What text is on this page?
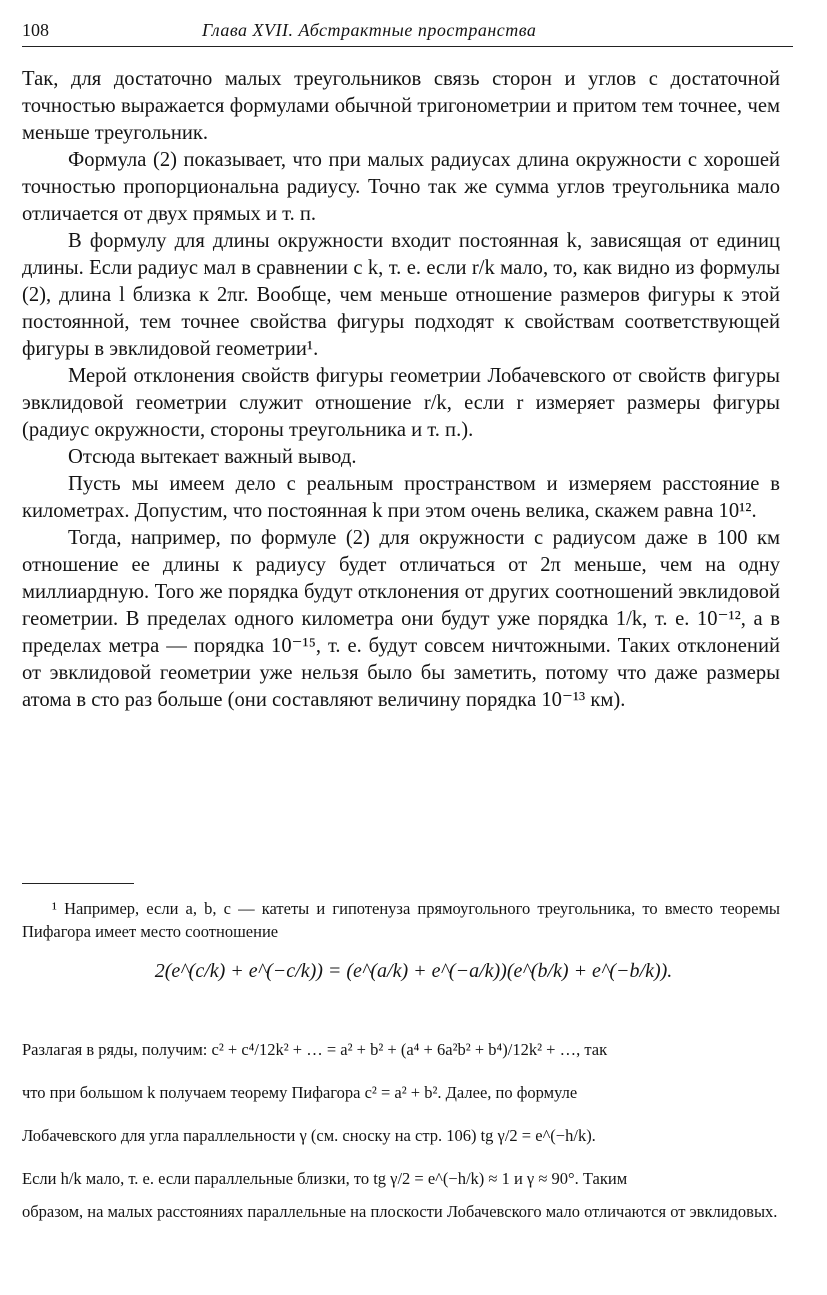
108	Глава XVII. Абстрактные пространства

Так, для достаточно малых треугольников связь сторон и углов с достаточной точностью выражается формулами обычной тригонометрии и притом тем точнее, чем меньше треугольник.

Формула (2) показывает, что при малых радиусах длина окружности с хорошей точностью пропорциональна радиусу. Точно так же сумма углов треугольника мало отличается от двух прямых и т. п.

В формулу для длины окружности входит постоянная k, зависящая от единиц длины. Если радиус мал в сравнении с k, т. е. если r/k мало, то, как видно из формулы (2), длина l близка к 2πr. Вообще, чем меньше отношение размеров фигуры к этой постоянной, тем точнее свойства фигуры подходят к свойствам соответствующей фигуры в эвклидовой геометрии¹.

Мерой отклонения свойств фигуры геометрии Лобачевского от свойств фигуры эвклидовой геометрии служит отношение r/k, если r измеряет размеры фигуры (радиус окружности, стороны треугольника и т. п.).

Отсюда вытекает важный вывод.

Пусть мы имеем дело с реальным пространством и измеряем расстояние в километрах. Допустим, что постоянная k при этом очень велика, скажем равна 10¹².

Тогда, например, по формуле (2) для окружности с радиусом даже в 100 км отношение ее длины к радиусу будет отличаться от 2π меньше, чем на одну миллиардную. Того же порядка будут отклонения от других соотношений эвклидовой геометрии. В пределах одного километра они будут уже порядка 1/k, т. е. 10⁻¹², а в пределах метра — порядка 10⁻¹⁵, т. е. будут совсем ничтожными. Таких отклонений от эвклидовой геометрии уже нельзя было бы заметить, потому что даже размеры атома в сто раз больше (они составляют величину порядка 10⁻¹³ км).

¹ Например, если a, b, c — катеты и гипотенуза прямоугольного треугольника, то вместо теоремы Пифагора имеет место соотношение

2(e^(c/k) + e^(−c/k)) = (e^(a/k) + e^(−a/k))(e^(b/k) + e^(−b/k)).

Разлагая в ряды, получим: c² + c⁴/12k² + … = a² + b² + (a⁴ + 6a²b² + b⁴)/12k² + …, так

что при большом k получаем теорему Пифагора c² = a² + b². Далее, по формуле

Лобачевского для угла параллельности γ (см. сноску на стр. 106) tg γ/2 = e^(−h/k).

Если h/k мало, т. е. если параллельные близки, то tg γ/2 = e^(−h/k) ≈ 1 и γ ≈ 90°. Таким

образом, на малых расстояниях параллельные на плоскости Лобачевского мало отличаются от эвклидовых.
